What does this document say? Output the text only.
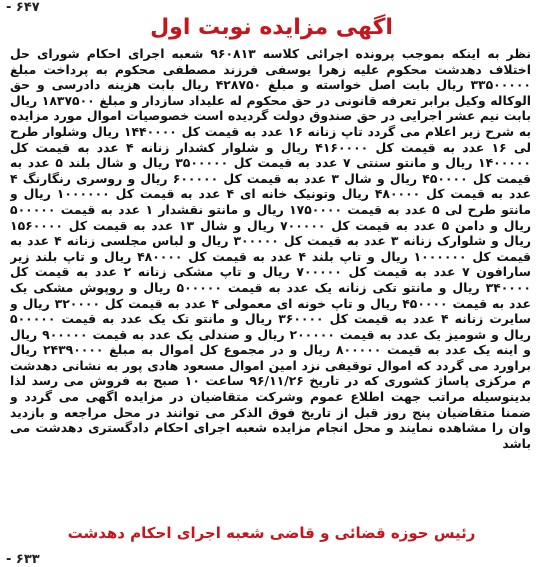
- ۶۴۷
اگهی مزایده نوبت اول
نظر به اینکه بموجب پرونده اجرائی کلاسه ۹۶۰۸۱۳ شعبه اجرای احکام شورای حل اختلاف دهدشت محکوم علیه زهرا یوسفی فرزند مصطفی محکوم به پرداخت مبلغ ۳۳۵۰۰۰۰۰ ریال بابت اصل خواسته و مبلغ ۴۲۸۷۵۰ ریال بابت هزینه دادرسی و حق الوکاله وکیل برابر تعرفه قانونی در حق محکوم له علیداد سازدار و مبلغ ۱۸۳۷۵۰۰ ریال بابت نیم عشر اجرایی در حق صندوق دولت گردیده است خصوصیات اموال مورد مزایده به شرح زیر اعلام می گردد تاپ زنانه ۱۶ عدد به قیمت کل ۱۴۴۰۰۰۰ ریال وشلوار طرح لی ۱۶ عدد به قیمت کل ۴۱۶۰۰۰۰ ریال و شلوار کشدار زنانه ۴ عدد به قیمت کل ۱۴۰۰۰۰۰ ریال و مانتو سنتی ۷ عدد به قیمت کل ۳۵۰۰۰۰۰ ریال و شال بلند ۵ عدد به قیمت کل ۴۵۰۰۰۰ ریال و شال ۳ عدد به قیمت کل ۶۰۰۰۰۰ ریال و روسری رنگارنگ ۴ عدد به قیمت کل ۴۸۰۰۰۰ ریال وتونیک خانه ای ۴ عدد به قیمت کل ۱۰۰۰۰۰۰ ریال و مانتو طرح لی ۵ عدد به قیمت ۱۷۵۰۰۰۰ ریال و مانتو نقشدار ۱ عدد به قیمت ۵۰۰۰۰۰ ریال و دامن ۵ عدد به قیمت کل ۷۰۰۰۰۰ ریال و شال ۱۳ عدد به قیمت کل ۱۵۶۰۰۰۰ ریال و شلوارک زنانه ۳ عدد به قیمت کل ۳۰۰۰۰۰ ریال و لباس مجلسی زنانه ۴ عدد به قیمت کل ۱۰۰۰۰۰۰ ریال و تاپ بلند ۴ عدد به قیمت کل ۴۸۰۰۰۰ ریال و تاپ بلند زیر سارافون ۷ عدد به قیمت کل ۷۰۰۰۰۰ ریال و تاپ مشکی زنانه ۲ عدد به قیمت کل ۳۴۰۰۰۰ ریال و مانتو تکی زنانه یک عدد به قیمت ۵۰۰۰۰۰ ریال و روپوش مشکی یک عدد به قیمت ۴۵۰۰۰۰ ریال و تاپ خونه ای معمولی ۴ عدد به قیمت کل ۳۲۰۰۰۰ ریال و سایرت زنانه ۴ عدد به قیمت کل ۳۶۰۰۰۰ ریال و مانتو تک یک عدد به قیمت ۵۰۰۰۰۰ ریال و شومیز یک عدد به قیمت ۲۰۰۰۰۰ ریال و صندلی یک عدد به قیمت ۹۰۰۰۰۰ ریال و اینه یک عدد به قیمت ۸۰۰۰۰۰ ریال و در مجموع کل اموال به مبلغ ۲۴۳۹۰۰۰۰ ریال براورد می گردد که اموال توقیفی نزد امین اموال مسعود هادی پور به نشانی دهدشت م مرکزی پاساژ کشوری که در تاریخ ۹۶/۱۱/۲۶ ساعت ۱۰ صبح به فروش می رسد لذا بدینوسیله مراتب جهت اطلاع عموم وشرکت متقاضیان در مزایده اگهی می گردد و ضمنا متقاضیان پنج روز قبل از تاریخ فوق الذکر می توانند در محل مراجعه و بازدید وان را مشاهده نمایند و محل انجام مزایده شعبه اجرای احکام دادگستری دهدشت می باشد
رئیس حوزه قضائی و قاضی شعبه اجرای احکام دهدشت
- ۶۳۳
